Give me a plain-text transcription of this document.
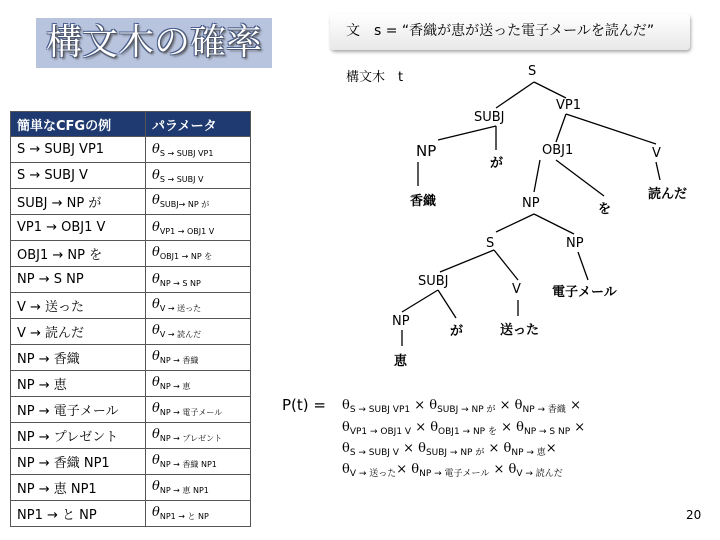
構文木の確率	文　s = “香織が恵が送った電子メールを読んだ”
簡単なCFGの例	パラメータ
S → SUBJ VP1	$\theta_{S \to SUBJ VP1}$
S → SUBJ V	$\theta_{S \to SUBJ V}$
SUBJ → NP が	$\theta_{SUBJ\to NP が}$
VP1 → OBJ1 V	$\theta_{VP1 \to OBJ1 V}$
OBJ1 → NP を	$\theta_{OBJ1 \to NP を}$
NP → S NP	$\theta_{NP \to S NP}$
V → 送った	$\theta_{V \to 送った}$
V → 読んだ	$\theta_{V \to 読んだ}$
NP → 香織	$\theta_{NP \to 香織}$
NP → 恵	$\theta_{NP \to 恵}$
NP → 電子メール	$\theta_{NP \to 電子メール}$
NP → プレゼント	$\theta_{NP \to プレゼント}$
NP → 香織 NP1	$\theta_{NP \to 香織 NP1}$
NP → 恵 NP1	$\theta_{NP \to 恵 NP1}$
NP1 → と NP	$\theta_{NP1 \to と NP}$
構文木　t	S
SUBJ
VP1
NP
が
OBJ1	V
香織	NP	を
読んだ
S	NP
SUBJ
V 電子メール
NP
が	送った
恵
$P(t) = \theta_{S \to SUBJ VP1} \times \theta_{SUBJ \to NP が} \times \theta_{NP \to 香織}$ ×
$\theta_{VP1 \to OBJ1 V} \times \theta_{OBJ1 \to NP を} \times \theta_{NP \to S NP}$ ×
$\theta_{S \to SUBJ V} \times \theta_{SUBJ \to NP が} \times \theta_{NP \to 恵}\times$
$\theta_{V \to 送った}\times \theta_{NP \to 電子メール} \times \theta_{V \to 読んだ}$
20
